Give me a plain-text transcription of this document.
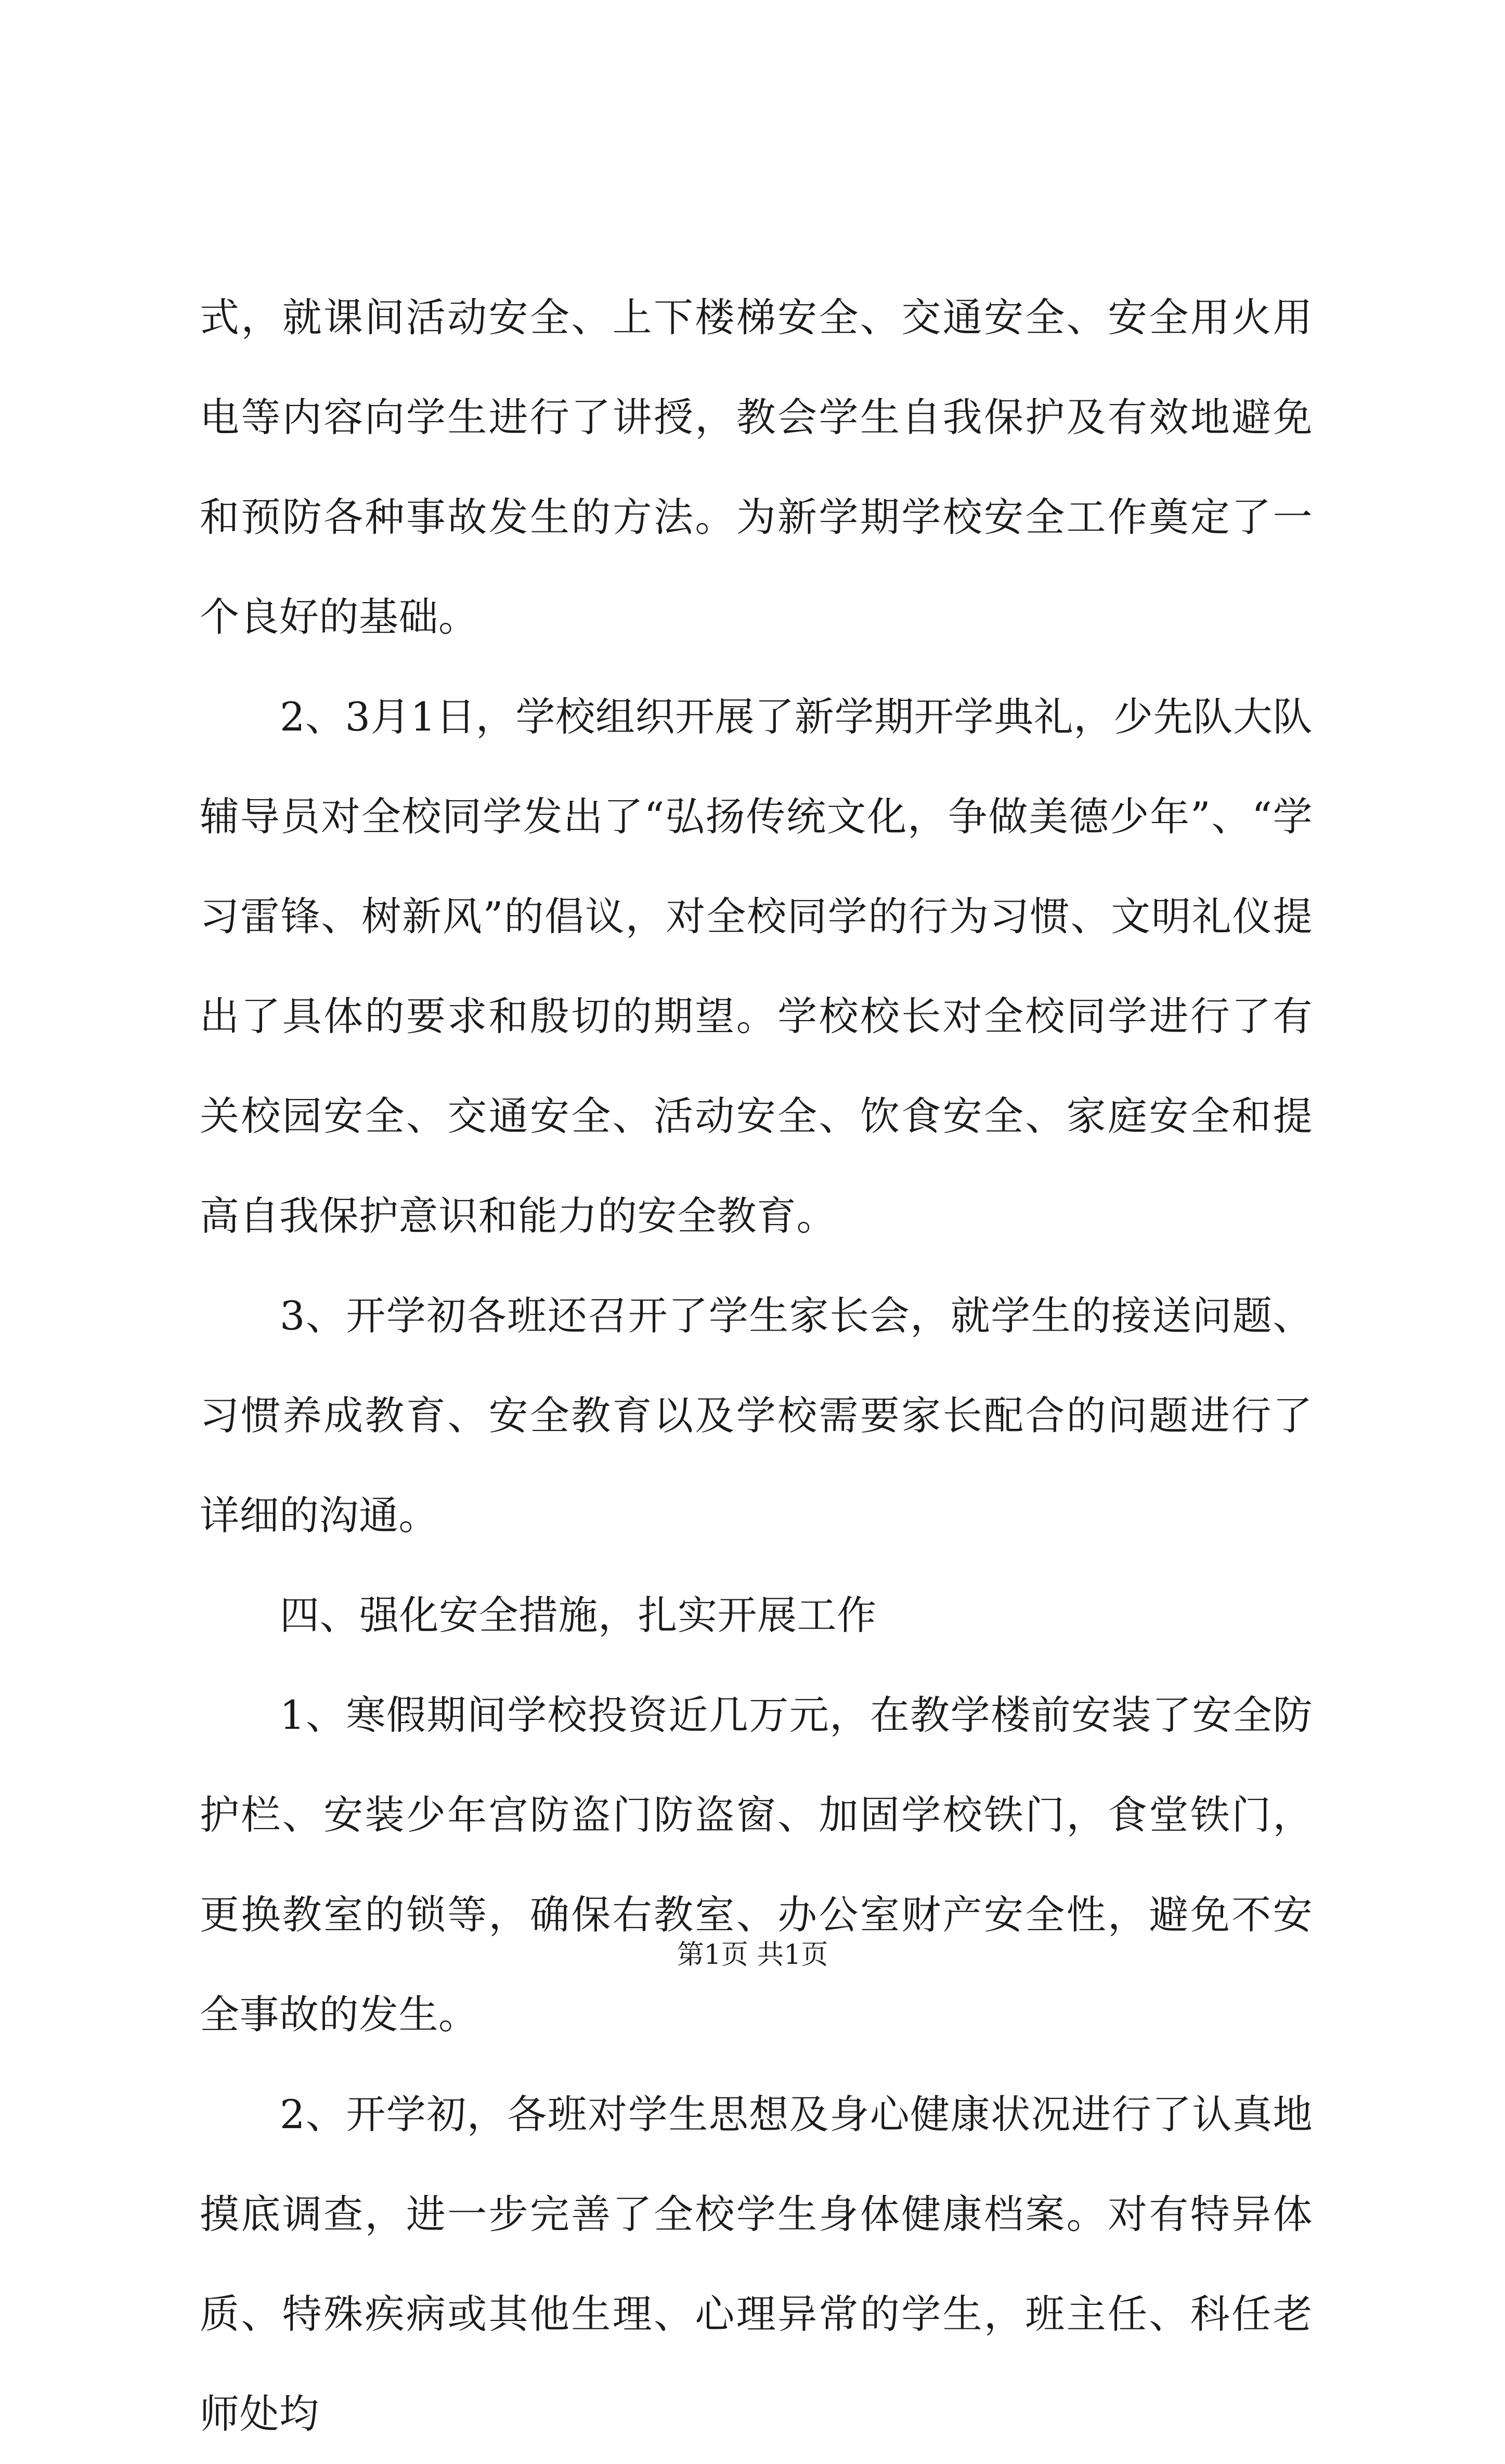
式，就课间活动安全、上下楼梯安全、交通安全、安全用火用电等内容向学生进行了讲授，教会学生自我保护及有效地避免和预防各种事故发生的方法。为新学期学校安全工作奠定了一个良好的基础。

2、3月1日，学校组织开展了新学期开学典礼，少先队大队辅导员对全校同学发出了“弘扬传统文化，争做美德少年”、“学习雷锋、树新风”的倡议，对全校同学的行为习惯、文明礼仪提出了具体的要求和殷切的期望。学校校长对全校同学进行了有关校园安全、交通安全、活动安全、饮食安全、家庭安全和提高自我保护意识和能力的安全教育。

3、开学初各班还召开了学生家长会，就学生的接送问题、习惯养成教育、安全教育以及学校需要家长配合的问题进行了详细的沟通。

四、强化安全措施，扎实开展工作

1、寒假期间学校投资近几万元，在教学楼前安装了安全防护栏、安装少年宫防盗门防盗窗、加固学校铁门，食堂铁门，更换教室的锁等，确保右教室、办公室财产安全性，避免不安全事故的发生。

2、开学初，各班对学生思想及身心健康状况进行了认真地摸底调查，进一步完善了全校学生身体健康档案。对有特异体质、特殊疾病或其他生理、心理异常的学生，班主任、科任老师处均

第1页 共1页
